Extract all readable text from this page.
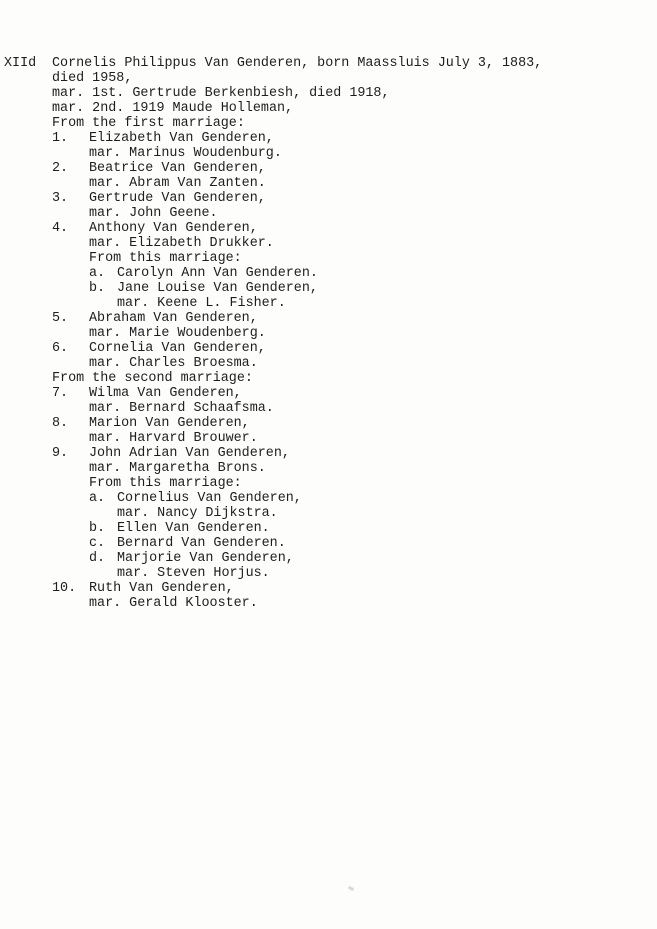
XIId Cornelis Philippus Van Genderen, born Maassluis July 3, 1883,
died 1958,
mar. 1st. Gertrude Berkenbiesh, died 1918,
mar. 2nd. 1919 Maude Holleman,
From the first marriage:
1. Elizabeth Van Genderen,
mar. Marinus Woudenburg.
2. Beatrice Van Genderen,
mar. Abram Van Zanten.
3. Gertrude Van Genderen,
mar. John Geene.
4. Anthony Van Genderen,
mar. Elizabeth Drukker.
From this marriage:
a. Carolyn Ann Van Genderen.
b. Jane Louise Van Genderen,
mar. Keene L. Fisher.
5. Abraham Van Genderen,
mar. Marie Woudenberg.
6. Cornelia Van Genderen,
mar. Charles Broesma.
From the second marriage:
7. Wilma Van Genderen,
mar. Bernard Schaafsma.
8. Marion Van Genderen,
mar. Harvard Brouwer.
9. John Adrian Van Genderen,
mar. Margaretha Brons.
From this marriage:
a. Cornelius Van Genderen,
mar. Nancy Dijkstra.
b. Ellen Van Genderen.
c. Bernard Van Genderen.
d. Marjorie Van Genderen,
mar. Steven Horjus.
10. Ruth Van Genderen,
mar. Gerald Klooster.
